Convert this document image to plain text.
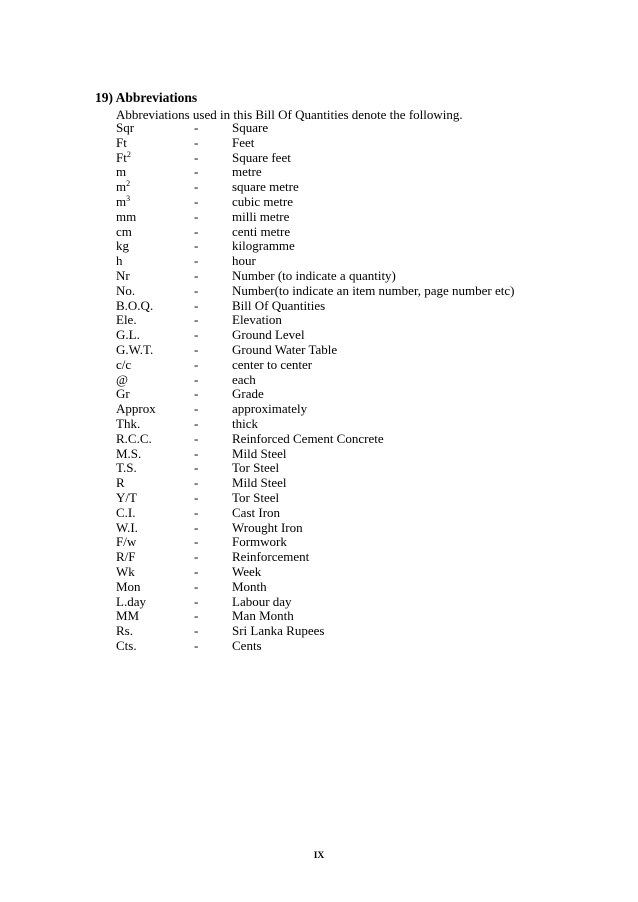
19) Abbreviations
Abbreviations used in this Bill Of Quantities denote the following.
Sqr	-	Square
Ft	-	Feet
Ft$^2$	-	Square feet
m	-	metre
$m^2$	-	square metre
$m^3$	-	cubic metre
mm	-	milli metre
cm	-	centi metre
kg	-	kilogramme
h	-	hour
Nr	-	Number (to indicate a quantity)
No.	-	Number(to indicate an item number, page number etc)
B.O.Q.	-	Bill Of Quantities
Ele.	-	Elevation
G.L.	-	Ground Level
G.W.T.	-	Ground Water Table
c/c	-	center to center
@	-	each
Gr	-	Grade
Approx	-	approximately
Thk.	-	thick
R.C.C.	-	Reinforced Cement Concrete
M.S.	-	Mild Steel
T.S.	-	Tor Steel
R	-	Mild Steel
Y/T	-	Tor Steel
C.I.	-	Cast Iron
W.I.	-	Wrought Iron
F/w	-	Formwork
R/F	-	Reinforcement
Wk	-	Week
Mon	-	Month
L.day	-	Labour day
MM	-	Man Month
Rs.	-	Sri Lanka Rupees
Cts.	-	Cents
IX
